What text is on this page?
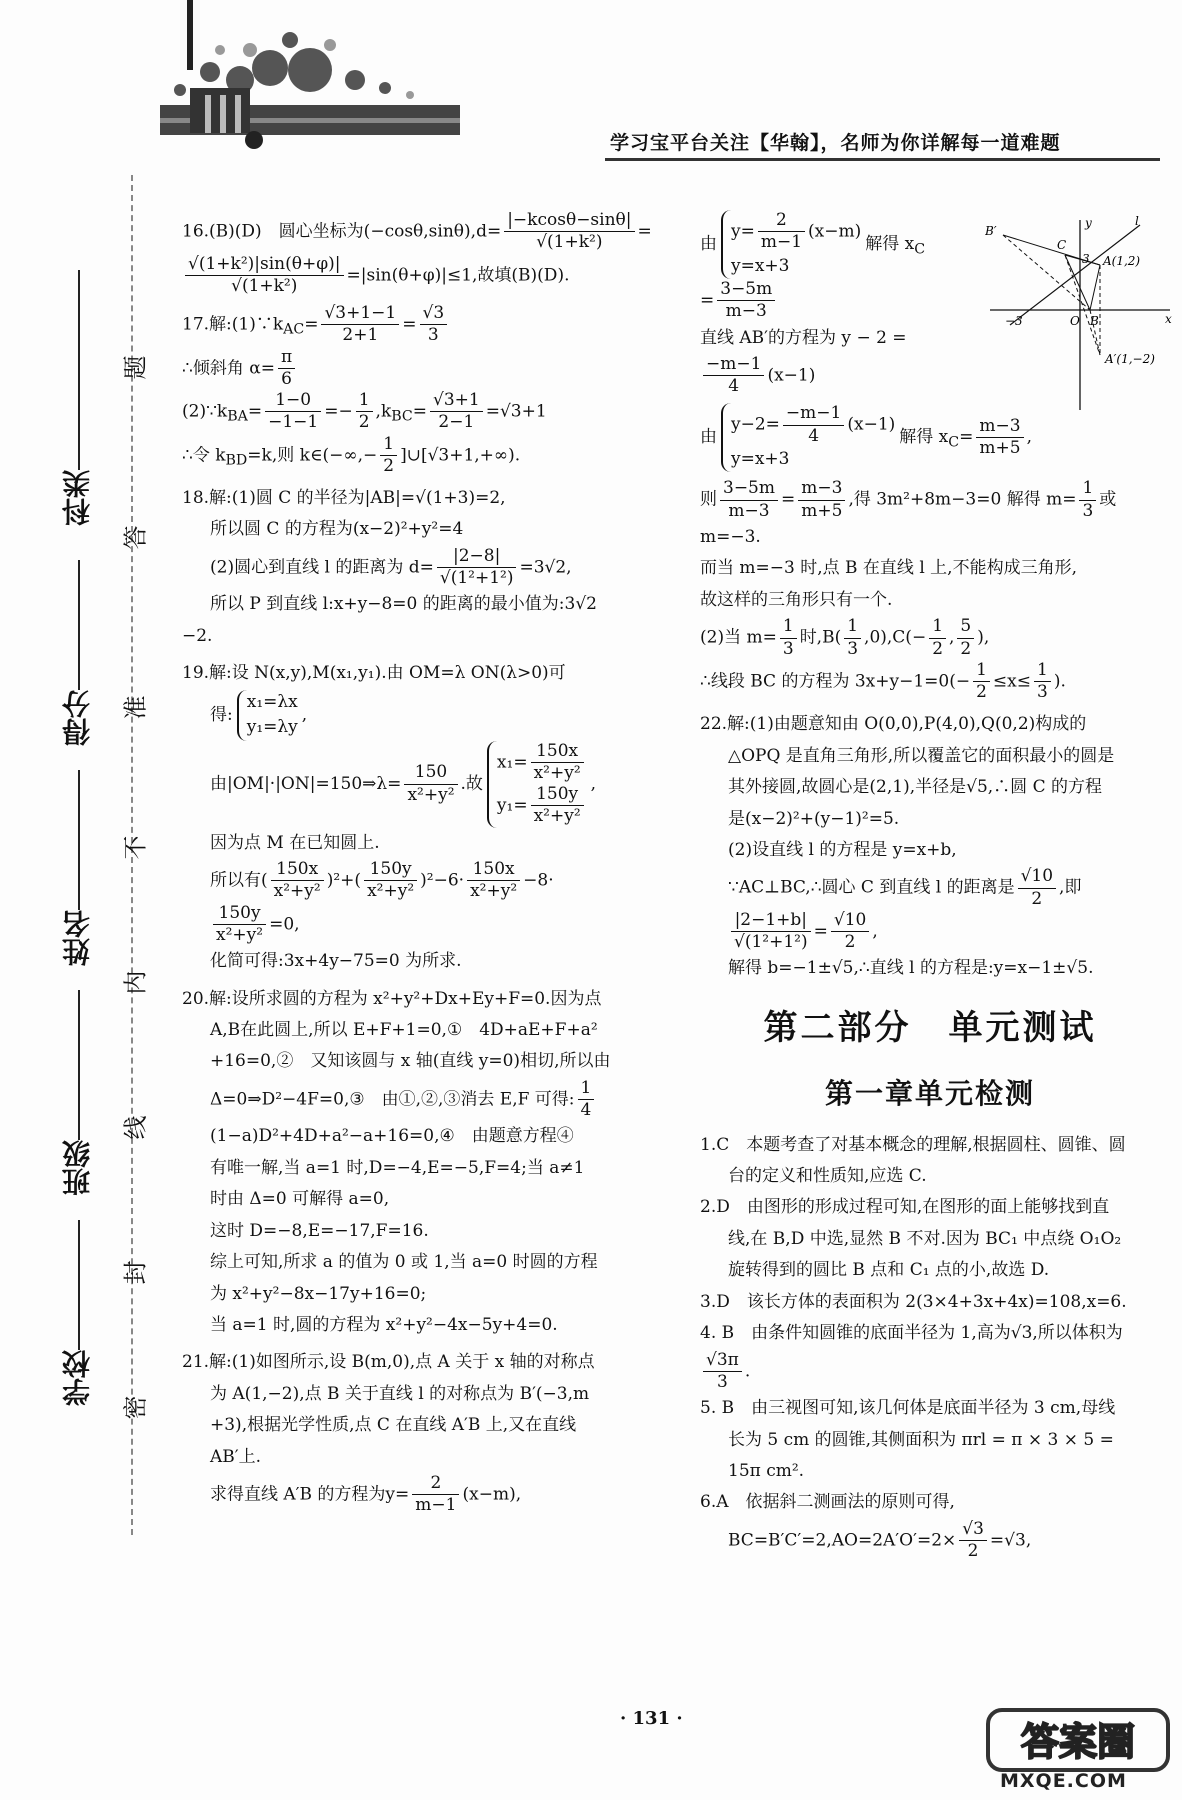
学习宝平台关注【华翰】，名师为你详解每一道难题
科类
得分
姓名
班级
学校
题
答
准
不
内
线
封
密
16.(B)(D)　圆心坐标为$(-\cos\theta,\sin\theta),d= \frac{|-kcos\theta-\sin\theta|}{\text{√(1+k²)}}$ =

$\frac{\text{√(1+k²)|sin(θ+φ)|}}{\text{√(1+k²)}} =|\sin(\theta+\varphi)|\le 1$,故填(B)(D).
17.解$:(1)\because k_{AC}= \frac{√3+1-1}{2+1} = \frac{√3}{3}$

∴倾斜角 $\alpha= \frac{\pi}{6}$

$(2)\because k_{BA}= \frac{1-0}{-1-1} =- \frac{1}{2} ,k_{BC}= \frac{√3+1}{2-1} =√3+1$
∴令 $k_{BD}=k$,则 k∈(−∞,− $\frac{1}{2}$ ]∪[√3+1,+∞).
18.解:(1)圆 C 的半径为|AB|=√(1+3)=2,

所以圆 C 的方程为(x−2)²+y²=4
(2)圆心到直线 l 的距离为 $d= \frac{|2-8|}{\text{√(1²+1²)}} =3√2$,
所以 P 到直线 l:x+y−8=0 的距离的最小值为:3√2
−2.
19.解:设 N(x,y),M(x₁,y₁).由 OM=λ ON(λ>0)可

得:x₁=λx
y₁=λy,
由|OM|·|ON|=150⇒λ= $\frac{150}{\text{x²+y²}}$ .故$x_1= \frac{150x}{\text{x²+y²}}$

$y_1= \frac{150y}{\text{x²+y²}}$
,
因为点 M 在已知圆上.
所以有( $\frac{150x}{\text{x²+y²}} )^2+( \frac{150y}{\text{x²+y²}} )^2-6\cdot \frac{150x}{\text{x²+y²}} -8\cdot$
$\frac{150y}{\text{x²+y²}} =0$,
化简可得:3x+4y−75=0 为所求.
20.解:设所求圆的方程为 x²+y²+Dx+Ey+F=0.因为点

A,B在此圆上,所以 E+F+1=0,①　4D+aE+F+a²
+16=0,②　又知该圆与 x 轴(直线 y=0)相切,所以由
Δ=0⇒D²−4F=0,③　由①,②,③消去 E,F 可得: $\frac{1}{4}$
(1−a)D²+4D+a²−a+16=0,④　由题意方程④
有唯一解,当 a=1 时,D=−4,E=−5,F=4;当 a≠1
时由 Δ=0 可解得 a=0,
这时 D=−8,E=−17,F=16.
综上可知,所求 a 的值为 0 或 1,当 a=0 时圆的方程
为 x²+y²−8x−17y+16=0;
当 a=1 时,圆的方程为 x²+y²−4x−5y+4=0.
21.解:(1)如图所示,设 B(m,0),点 A 关于 x 轴的对称点

为 A(1,−2),点 B 关于直线 l 的对称点为 B′(−3,m
+3),根据光学性质,点 C 在直线 A′B 上,又在直线
AB′上.
求得直线 A′B 的方程为$y= \frac{2}{m-1} (x-m)$,
y	l
B′
C
3 A(1,2)
−3	O B	x
A′(1,−2)
由$y= \frac{2}{m-1} (x-m)$
y=x+3解得 $x_C$
= $\frac{3-5m}{m-3}$

直线 AB′的方程为 y − 2 =

$\frac{-m-1}{4} (x-1)$
由$y-2= \frac{-m-1}{4} (x-1)$
y=x+3解得 $x_C= \frac{m-3}{m+5}$ ,
则 $\frac{3-5m}{m-3} = \frac{m-3}{m+5}$ ,得 3m²+8m−3=0 解得 $m= \frac{1}{3}$ 或
m=−3.
而当 m=−3 时,点 B 在直线 l 上,不能构成三角形,
故这样的三角形只有一个.
(2)当 $m= \frac{1}{3}$ 时$,B( \frac{1}{3} ,0),C(- \frac{1}{2}$ , $\frac{5}{2}$ ),
∴线段 BC 的方程为 $3x+y-1=0(- \frac{1}{2} \le x\le \frac{1}{3}$ ).
22.解:(1)由题意知由 O(0,0),P(4,0),Q(0,2)构成的

△OPQ 是直角三角形,所以覆盖它的面积最小的圆是
其外接圆,故圆心是(2,1),半径是√5,∴圆 C 的方程
是(x−2)²+(y−1)²=5.
(2)设直线 l 的方程是 y=x+b,
∵AC⊥BC,∴圆心 C 到直线 l 的距离是 $\frac{√10}{2}$ ,即
$\frac{|2-1+b|}{\text{√(1²+1²)}} = \frac{√10}{2}$ ,
解得 b=−1±√5,∴直线 l 的方程是:y=x−1±√5.
第二部分　单元测试
第一章单元检测
1.C　本题考查了对基本概念的理解,根据圆柱、圆锥、圆

台的定义和性质知,应选 C.
2.D　由图形的形成过程可知,在图形的面上能够找到直

线,在 B,D 中选,显然 B 不对.因为 BC₁ 中点绕 O₁O₂
旋转得到的圆比 B 点和 C₁ 点的小,故选 D.
3.D　该长方体的表面积为 2(3×4+3x+4x)=108,x=6.
4. B　由条件知圆锥的底面半径为 1,高为√3,所以体积为
$\frac{√3\pi}{3}$ .
5. B　由三视图可知,该几何体是底面半径为 3 cm,母线

长为 5 cm 的圆锥,其侧面积为 πrl = π × 3 × 5 =
15π cm².
6.A　依据斜二测画法的原则可得,

$BC=B'C'=2,AO=2A'O'=2\times \frac{√3}{2} =√3$,
· 131 ·
答案圈
MXQE.COM
